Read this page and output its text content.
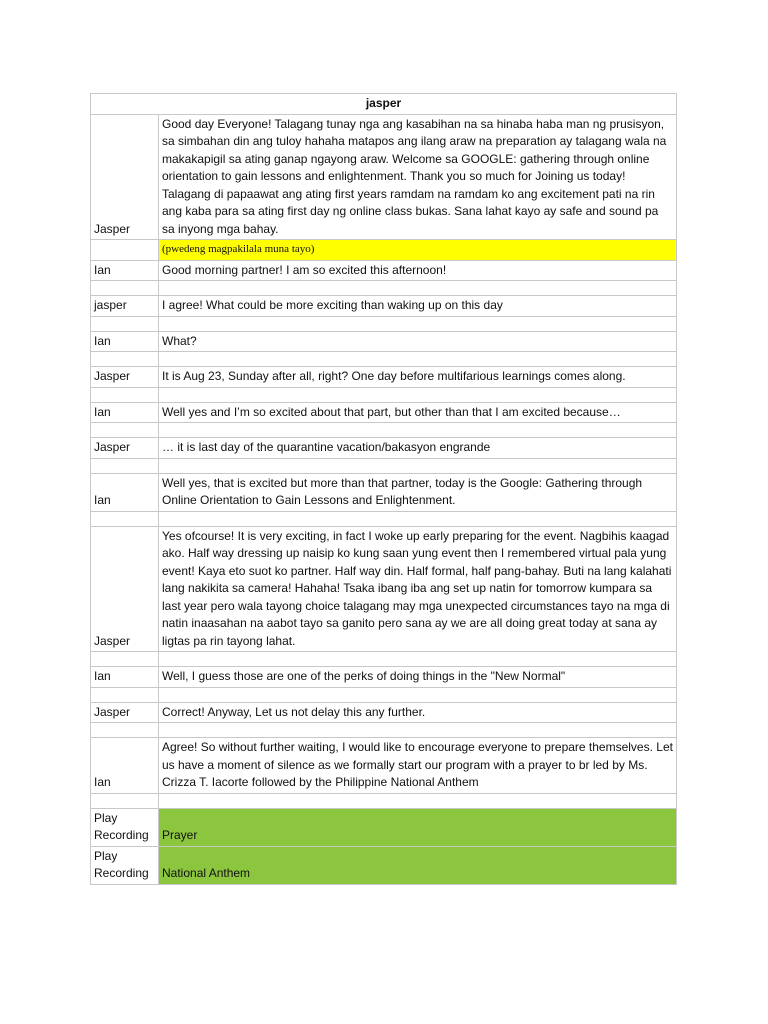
jasper	
Jasper	Good day Everyone! Talagang tunay nga ang kasabihan na sa hinaba haba man ng prusisyon, sa simbahan din ang tuloy hahaha matapos ang ilang araw na preparation ay talagang wala na makakapigil sa ating ganap ngayong araw. Welcome sa GOOGLE: gathering through online orientation to gain lessons and enlightenment. Thank you so much for Joining us today! Talagang di papaawat ang ating first years ramdam na ramdam ko ang excitement pati na rin ang kaba para sa ating first day ng online class bukas. Sana lahat kayo ay safe and sound pa sa inyong mga bahay.
	(pwedeng magpakilala muna tayo)
Ian	Good morning partner! I am so excited this afternoon!

jasper	I agree! What could be more exciting than waking up on this day

Ian	What?

Jasper	It is Aug 23, Sunday after all, right? One day before multifarious learnings comes along.

Ian	Well yes and I’m so excited about that part, but other than that I am excited because…

Jasper	… it is last day of the quarantine vacation/bakasyon engrande

Ian	Well yes, that is excited but more than that partner, today is the Google: Gathering through Online Orientation to Gain Lessons and Enlightenment.

Jasper	Yes ofcourse! It is very exciting, in fact I woke up early preparing for the event. Nagbihis kaagad ako. Half way dressing up naisip ko kung saan yung event then I remembered virtual pala yung event! Kaya eto suot ko partner. Half way din. Half formal, half pang-bahay. Buti na lang kalahati lang nakikita sa camera! Hahaha! Tsaka ibang iba ang set up natin for tomorrow kumpara sa last year pero wala tayong choice talagang may mga unexpected circumstances tayo na mga di natin inaasahan na aabot tayo sa ganito pero sana ay we are all doing great today at sana ay ligtas pa rin tayong lahat.

Ian	Well, I guess those are one of the perks of doing things in the "New Normal"

Jasper	Correct! Anyway, Let us not delay this any further.

Ian	Agree! So without further waiting, I would like to encourage everyone to prepare themselves. Let us have a moment of silence as we formally start our program with a prayer to br led by Ms. Crizza T. Iacorte followed by the Philippine National Anthem

Play Recording	Prayer
Play Recording	National Anthem
